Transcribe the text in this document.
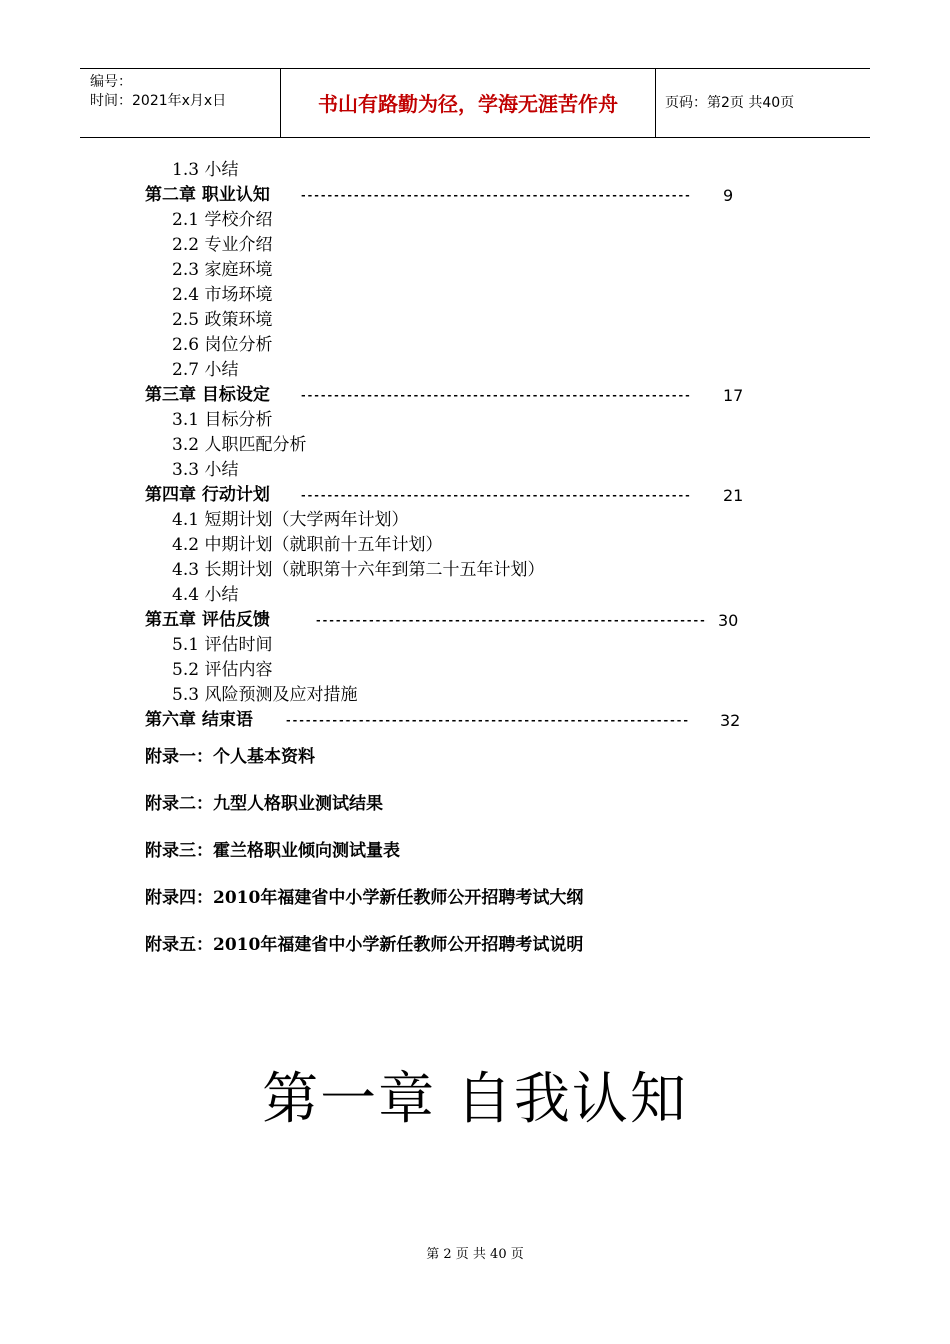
编号：
时间：2021年x月x日	书山有路勤为径，学海无涯苦作舟	页码：第2页 共40页
1.3 小结
第二章 职业认知	-----------------------------------------------------------	9
2.1 学校介绍
2.2 专业介绍
2.3 家庭环境
2.4 市场环境
2.5 政策环境
2.6 岗位分析
2.7 小结
第三章 目标设定	-----------------------------------------------------------	17
3.1 目标分析
3.2 人职匹配分析
3.3 小结
第四章 行动计划	-----------------------------------------------------------	21
4.1 短期计划（大学两年计划）
4.2 中期计划（就职前十五年计划）
4.3 长期计划（就职第十六年到第二十五年计划）
4.4 小结
第五章 评估反馈	----------------------------------------------------------- 30
5.1 评估时间
5.2 评估内容
5.3 风险预测及应对措施
第六章 结束语	-------------------------------------------------------------	32
附录一：个人基本资料
附录二：九型人格职业测试结果
附录三：霍兰格职业倾向测试量表
附录四：2010年福建省中小学新任教师公开招聘考试大纲
附录五：2010年福建省中小学新任教师公开招聘考试说明
第一章 自我认知
第 2 页 共 40 页
